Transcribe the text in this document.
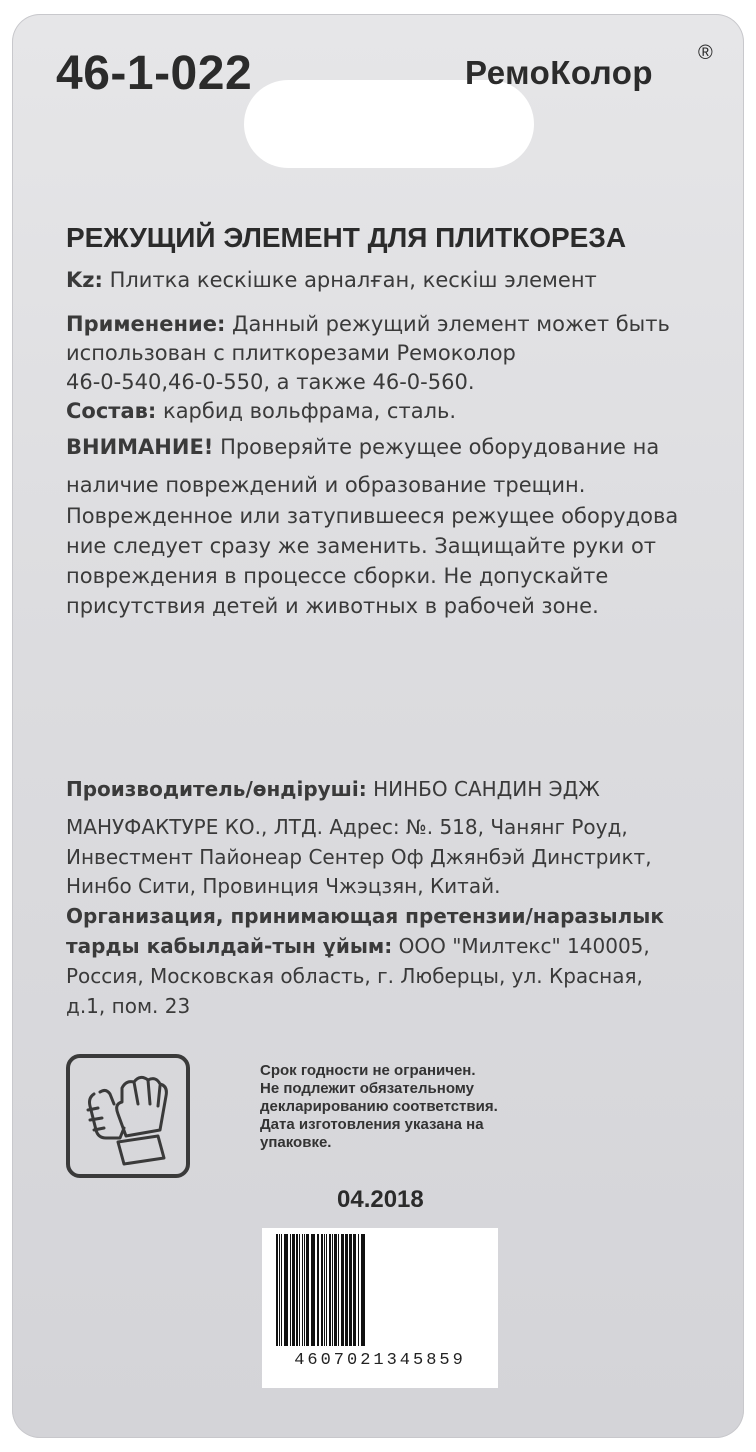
46-1-022	РемоКолор
®
РЕЖУЩИЙ ЭЛЕМЕНТ ДЛЯ ПЛИТКОРЕЗА
Kz: Плитка кескішке арналған, кескіш элемент
Применение: Данный режущий элемент может быть
использован с плиткорезами Ремоколор
46-0-540,46-0-550, а также 46-0-560.
Состав: карбид вольфрама, сталь.
ВНИМАНИЕ! Проверяйте режущее оборудование на
наличие повреждений и образование трещин.
Поврежденное или затупившееся режущее оборудова
ние следует сразу же заменить. Защищайте руки от
повреждения в процессе сборки. Не допускайте
присутствия детей и животных в рабочей зоне.
Производитель/өндіруші: НИНБО САНДИН ЭДЖ
МАНУФАКТУРЕ КО., ЛТД. Адрес: №. 518, Чанянг Роуд,
Инвестмент Пайонеар Сентер Оф Джянбэй Динстрикт,
Нинбо Сити, Провинция Чжэцзян, Китай.
Организация, принимающая претензии/наразылык
тарды кабылдай-тын ұйым: ООО "Милтекс" 140005,
Россия, Московская область, г. Люберцы, ул. Красная,
д.1, пом. 23
Срок годности не ограничен.
Не подлежит обязательному
декларированию соответствия.
Дата изготовления указана на
упаковке.
04.2018
4607021345859
